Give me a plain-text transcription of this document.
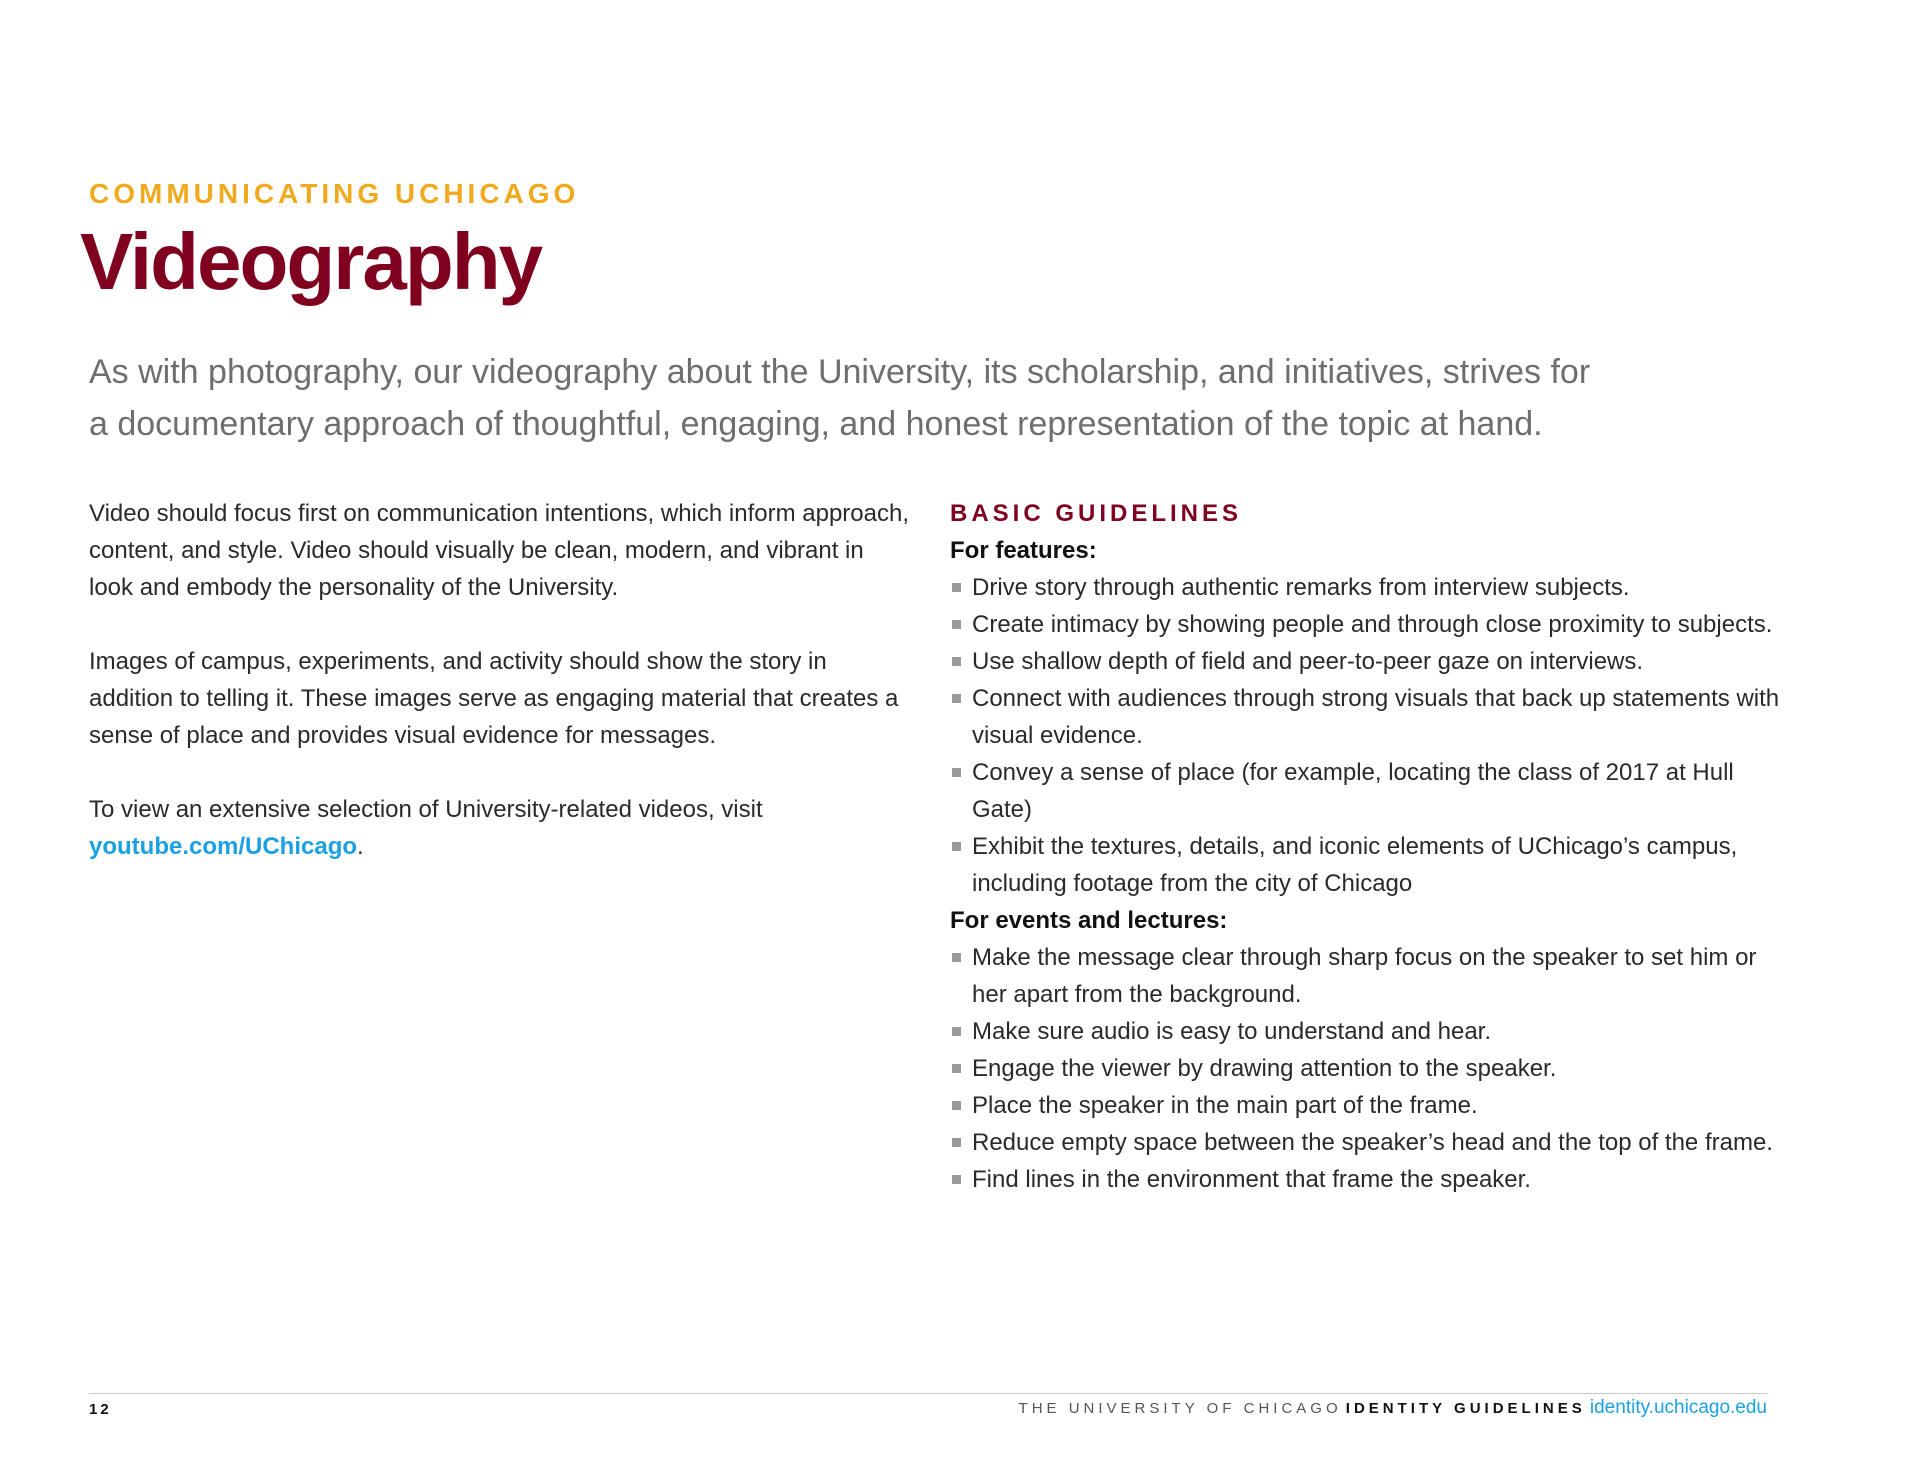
COMMUNICATING UCHICAGO
Videography

As with photography, our videography about the University, its scholarship, and initiatives, strives for

a documentary approach of thoughtful, engaging, and honest representation of the topic at hand.

Video should focus first on communication intentions, which inform approach, content, and style. Video should visually be clean, modern, and vibrant in look and embody the personality of the University.

Images of campus, experiments, and activity should show the story in addition to telling it. These images serve as engaging material that creates a sense of place and provides visual evidence for messages.

To view an extensive selection of University-related videos, visit youtube.com/UChicago.

BASIC GUIDELINES
For features:
Drive story through authentic remarks from interview subjects.
Create intimacy by showing people and through close proximity to subjects.
Use shallow depth of field and peer-to-peer gaze on interviews.
Connect with audiences through strong visuals that back up statements with visual evidence.
Convey a sense of place (for example, locating the class of 2017 at Hull Gate)
Exhibit the textures, details, and iconic elements of UChicago’s campus, including footage from the city of Chicago
For events and lectures:
Make the message clear through sharp focus on the speaker to set him or her apart from the background.
Make sure audio is easy to understand and hear.
Engage the viewer by drawing attention to the speaker.
Place the speaker in the main part of the frame.
Reduce empty space between the speaker’s head and the top of the frame.
Find lines in the environment that frame the speaker.
12	THE UNIVERSITY OF CHICAGO IDENTITY GUIDELINES identity.uchicago.edu
